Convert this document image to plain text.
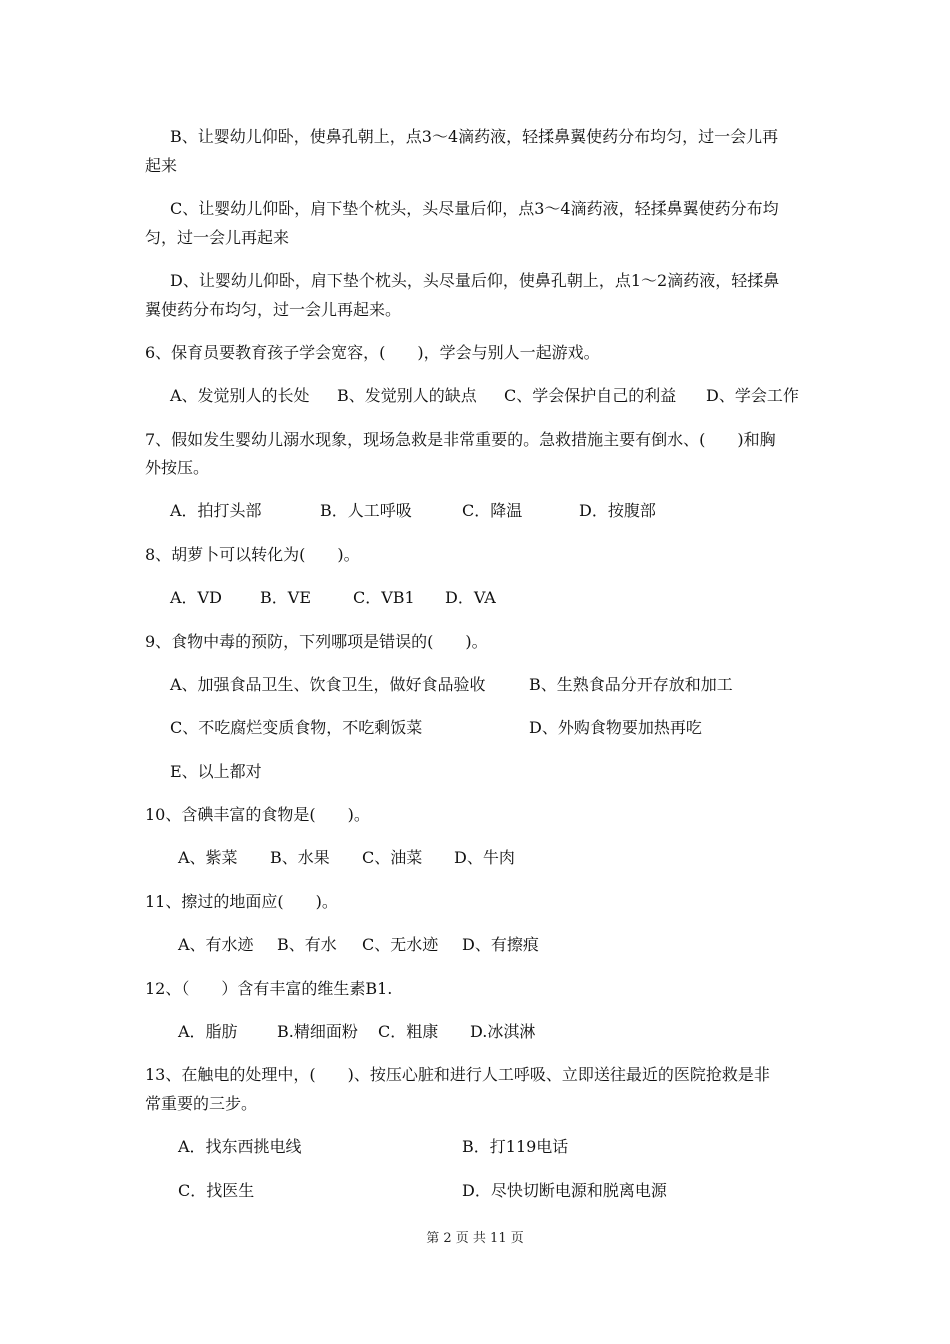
B、让婴幼儿仰卧，使鼻孔朝上，点3～4滴药液，轻揉鼻翼使药分布均匀，过一会儿再
起来
C、让婴幼儿仰卧，肩下垫个枕头，头尽量后仰，点3～4滴药液，轻揉鼻翼使药分布均
匀，过一会儿再起来
D、让婴幼儿仰卧，肩下垫个枕头，头尽量后仰，使鼻孔朝上，点1～2滴药液，轻揉鼻
翼使药分布均匀，过一会儿再起来。
6、保育员要教育孩子学会宽容，(　　)，学会与别人一起游戏。
A、发觉别人的长处 B、发觉别人的缺点 C、学会保护自己的利益 D、学会工作
7、假如发生婴幼儿溺水现象，现场急救是非常重要的。急救措施主要有倒水、(　　)和胸
外按压。
A．拍打头部	B．人工呼吸	C．降温	D．按腹部
8、胡萝卜可以转化为(　　)。
A．VD B．VE	C．VB1 D．VA
9、食物中毒的预防，下列哪项是错误的(　　)。
A、加强食品卫生、饮食卫生，做好食品验收	B、生熟食品分开存放和加工
C、不吃腐烂变质食物，不吃剩饭菜	D、外购食物要加热再吃
E、以上都对
10、含碘丰富的食物是(　　)。
A、紫菜 B、水果 C、油菜 D、牛肉
11、擦过的地面应(　　)。
A、有水迹 B、有水 C、无水迹 D、有擦痕
12、（　　）含有丰富的维生素B1.
A．脂肪 B.精细面粉 C．粗康 D.冰淇淋
13、在触电的处理中，(　　)、按压心脏和进行人工呼吸、立即送往最近的医院抢救是非
常重要的三步。
A．找东西挑电线	B．打119电话
C．找医生	D．尽快切断电源和脱离电源
第 2 页 共 11 页
